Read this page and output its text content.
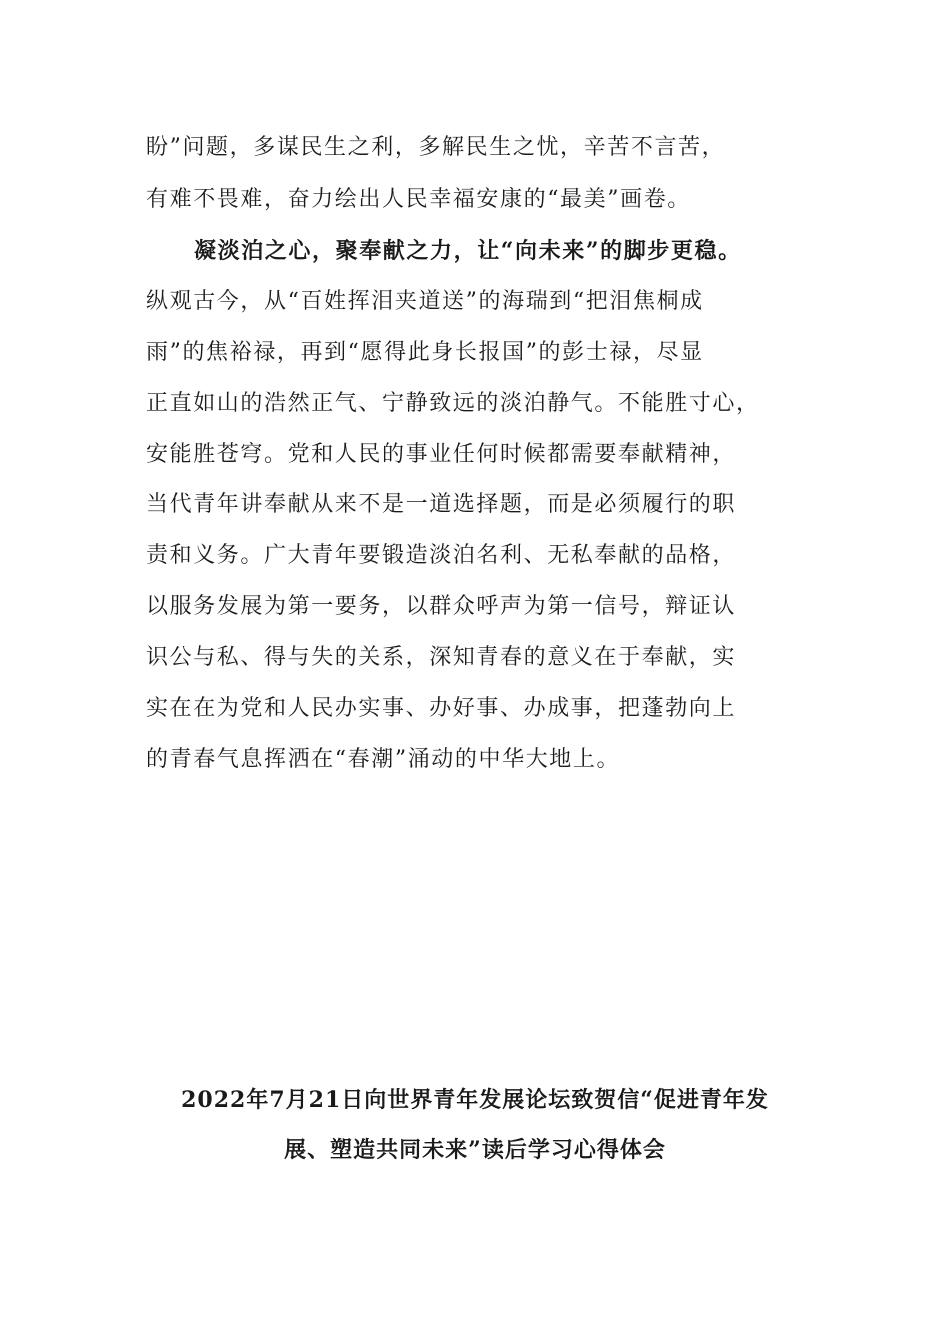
盼”问题，多谋民生之利，多解民生之忧，辛苦不言苦，
有难不畏难，奋力绘出人民幸福安康的“最美”画卷。
凝淡泊之心，聚奉献之力，让“向未来”的脚步更稳。
纵观古今，从“百姓挥泪夹道送”的海瑞到“把泪焦桐成
雨”的焦裕禄，再到“愿得此身长报国”的彭士禄，尽显
正直如山的浩然正气、宁静致远的淡泊静气。不能胜寸心，
安能胜苍穹。党和人民的事业任何时候都需要奉献精神，
当代青年讲奉献从来不是一道选择题，而是必须履行的职
责和义务。广大青年要锻造淡泊名利、无私奉献的品格，
以服务发展为第一要务，以群众呼声为第一信号，辩证认
识公与私、得与失的关系，深知青春的意义在于奉献，实
实在在为党和人民办实事、办好事、办成事，把蓬勃向上
的青春气息挥洒在“春潮”涌动的中华大地上。
2022年7月21日向世界青年发展论坛致贺信“促进青年发
展、塑造共同未来”读后学习心得体会
